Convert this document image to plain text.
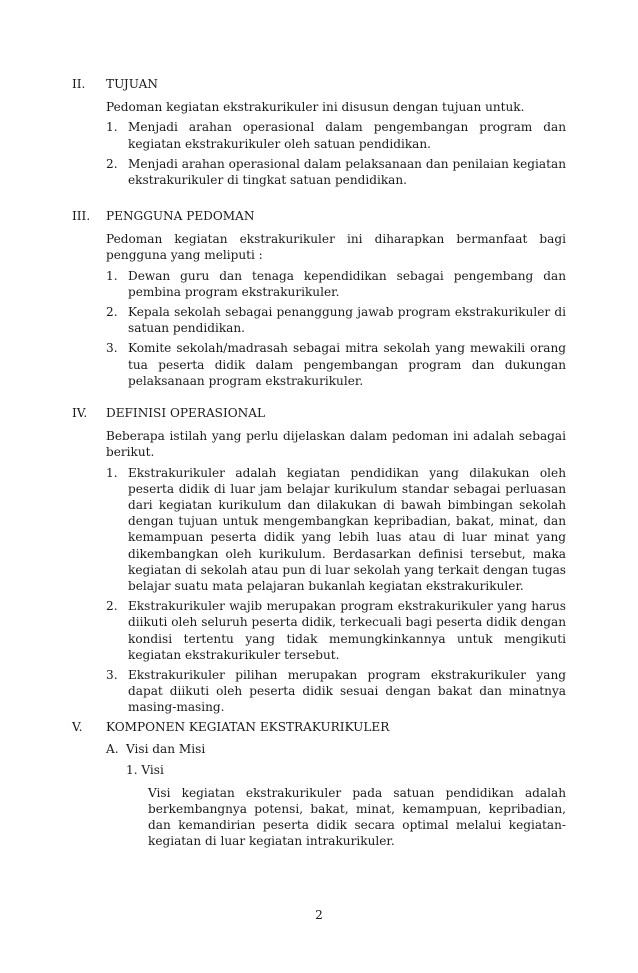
II.	TUJUAN
Pedoman kegiatan ekstrakurikuler ini disusun dengan tujuan untuk.
1. Menjadi arahan operasional dalam pengembangan program dan kegiatan ekstrakurikuler oleh satuan pendidikan.
2. Menjadi arahan operasional dalam pelaksanaan dan penilaian kegiatan ekstrakurikuler di tingkat satuan pendidikan.
III.	PENGGUNA PEDOMAN
Pedoman kegiatan ekstrakurikuler ini diharapkan bermanfaat bagi pengguna yang meliputi :
1. Dewan guru dan tenaga kependidikan sebagai pengembang dan pembina program ekstrakurikuler.
2. Kepala sekolah sebagai penanggung jawab program ekstrakurikuler di satuan pendidikan.
3. Komite sekolah/madrasah sebagai mitra sekolah yang mewakili orang tua peserta didik dalam pengembangan program dan dukungan pelaksanaan program ekstrakurikuler.
IV.	DEFINISI OPERASIONAL
Beberapa istilah yang perlu dijelaskan dalam pedoman ini adalah sebagai berikut.
1. Ekstrakurikuler adalah kegiatan pendidikan yang dilakukan oleh peserta didik di luar jam belajar kurikulum standar sebagai perluasan dari kegiatan kurikulum dan dilakukan di bawah bimbingan sekolah dengan tujuan untuk mengembangkan kepribadian, bakat, minat, dan kemampuan peserta didik yang lebih luas atau di luar minat yang dikembangkan oleh kurikulum. Berdasarkan definisi tersebut, maka kegiatan di sekolah atau pun di luar sekolah yang terkait dengan tugas belajar suatu mata pelajaran bukanlah kegiatan ekstrakurikuler.
2. Ekstrakurikuler wajib merupakan program ekstrakurikuler yang harus diikuti oleh seluruh peserta didik, terkecuali bagi peserta didik dengan kondisi tertentu yang tidak memungkinkannya untuk mengikuti kegiatan ekstrakurikuler tersebut.
3. Ekstrakurikuler pilihan merupakan program ekstrakurikuler yang dapat diikuti oleh peserta didik sesuai dengan bakat dan minatnya masing-masing.
V.	KOMPONEN KEGIATAN EKSTRAKURIKULER
A. Visi dan Misi
1. Visi
Visi kegiatan ekstrakurikuler pada satuan pendidikan adalah berkembangnya potensi, bakat, minat, kemampuan, kepribadian, dan kemandirian peserta didik secara optimal melalui kegiatan-kegiatan di luar kegiatan intrakurikuler.
2
